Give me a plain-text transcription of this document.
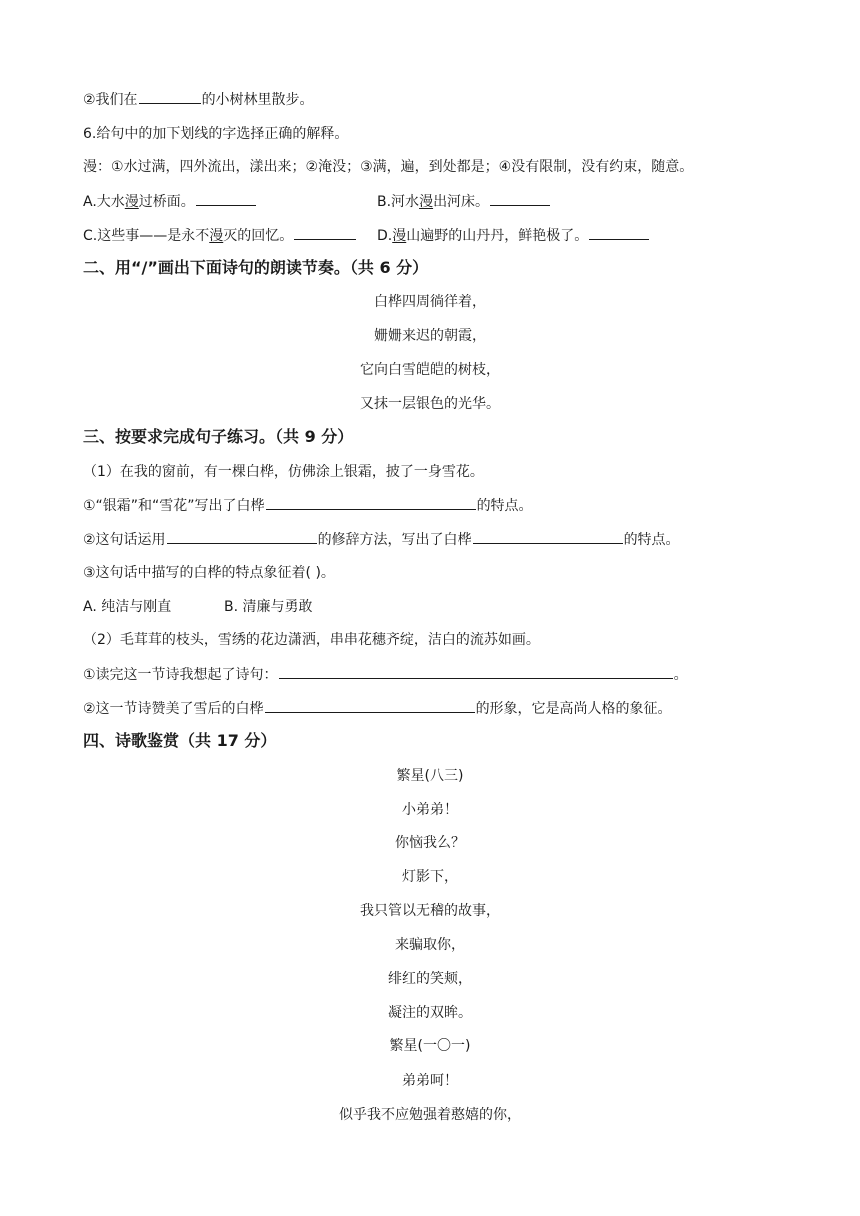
②我们在	的小树林里散步。
6.给句中的加下划线的字选择正确的解释。
漫：①水过满，四外流出，漾出来；②淹没；③满，遍，到处都是；④没有限制，没有约束，随意。
A.大水漫过桥面。	B.河水漫出河床。
C.这些事——是永不漫灭的回忆。	D.漫山遍野的山丹丹，鲜艳极了。
二、用“/”画出下面诗句的朗读节奏。（共 6 分）
白桦四周徜徉着，
姗姗来迟的朝霞，
它向白雪皑皑的树枝，
又抹一层银色的光华。
三、按要求完成句子练习。（共 9 分）
（1）在我的窗前，有一棵白桦，仿佛涂上银霜，披了一身雪花。
①“银霜”和“雪花”写出了白桦	的特点。
②这句话运用	的修辞方法，写出了白桦	的特点。
③这句话中描写的白桦的特点象征着( )。
A. 纯洁与刚直	B. 清廉与勇敢
（2）毛茸茸的枝头，雪绣的花边潇洒，串串花穗齐绽，洁白的流苏如画。
①读完这一节诗我想起了诗句：	。
②这一节诗赞美了雪后的白桦	的形象，它是高尚人格的象征。
四、诗歌鉴赏（共 17 分）
繁星(八三)
小弟弟！
你恼我么？
灯影下，
我只管以无稽的故事，
来骗取你，
绯红的笑颊，
凝注的双眸。
繁星(一〇一)
弟弟呵！
似乎我不应勉强着憨嬉的你，
